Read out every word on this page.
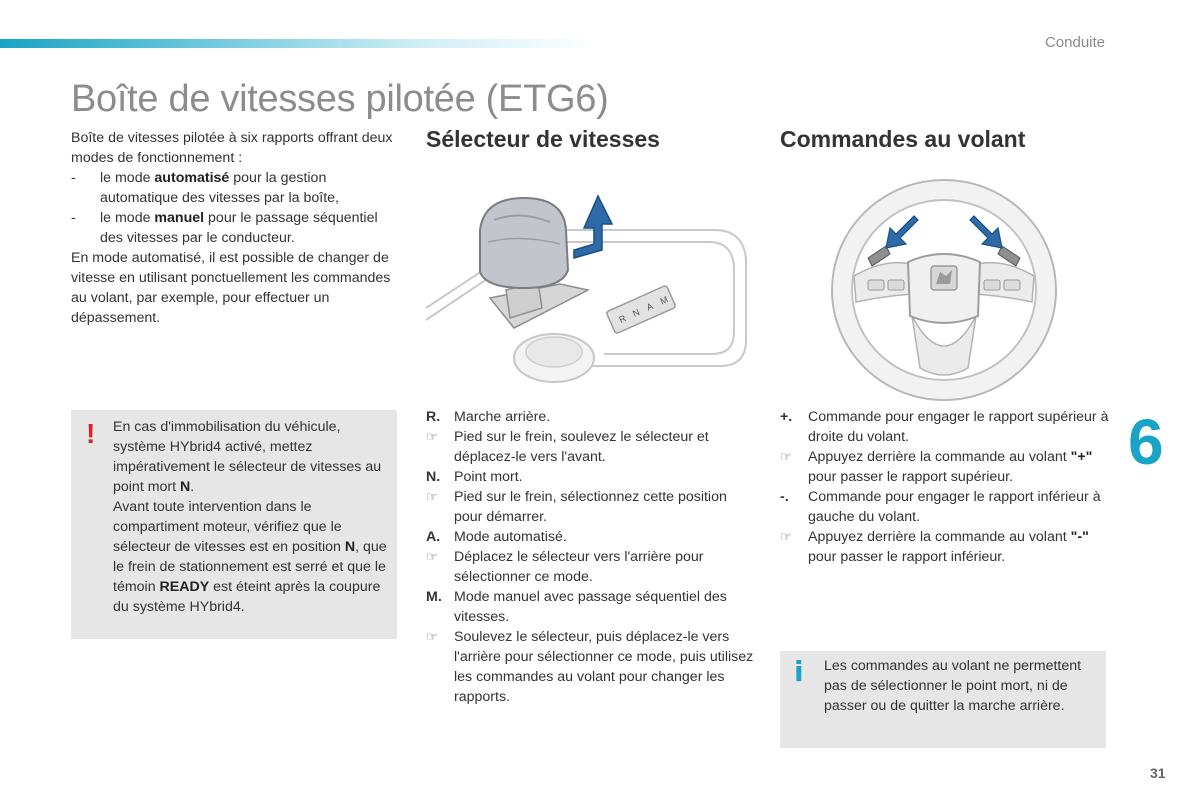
Conduite
Boîte de vitesses pilotée (ETG6)

Boîte de vitesses pilotée à six rapports offrant deux modes de fonctionnement :

- le mode automatisé pour la gestion automatique des vitesses par la boîte,
- le mode manuel pour le passage séquentiel des vitesses par le conducteur.

En mode automatisé, il est possible de changer de vitesse en utilisant ponctuellement les commandes au volant, par exemple, pour effectuer un dépassement.

! En cas d'immobilisation du véhicule, système HYbrid4 activé, mettez impérativement le sélecteur de vitesses au point mort N.

Avant toute intervention dans le compartiment moteur, vérifiez que le sélecteur de vitesses est en position N, que le frein de stationnement est serré et que le témoin READY est éteint après la coupure du système HYbrid4.

Sélecteur de vitesses	Commandes au volant
R
N
A
M
R. Marche arrière.
☞ Pied sur le frein, soulevez le sélecteur et déplacez-le vers l'avant.
N. Point mort.
☞ Pied sur le frein, sélectionnez cette position pour démarrer.
A. Mode automatisé.
☞ Déplacez le sélecteur vers l'arrière pour sélectionner ce mode.
M. Mode manuel avec passage séquentiel des vitesses.
☞ Soulevez le sélecteur, puis déplacez-le vers l'arrière pour sélectionner ce mode, puis utilisez les commandes au volant pour changer les rapports.
+. Commande pour engager le rapport supérieur à droite du volant.
☞ Appuyez derrière la commande au volant "+" pour passer le rapport supérieur.
-. Commande pour engager le rapport inférieur à gauche du volant.
☞ Appuyez derrière la commande au volant "-" pour passer le rapport inférieur.
i Les commandes au volant ne permettent pas de sélectionner le point mort, ni de passer ou de quitter la marche arrière.
6
31
